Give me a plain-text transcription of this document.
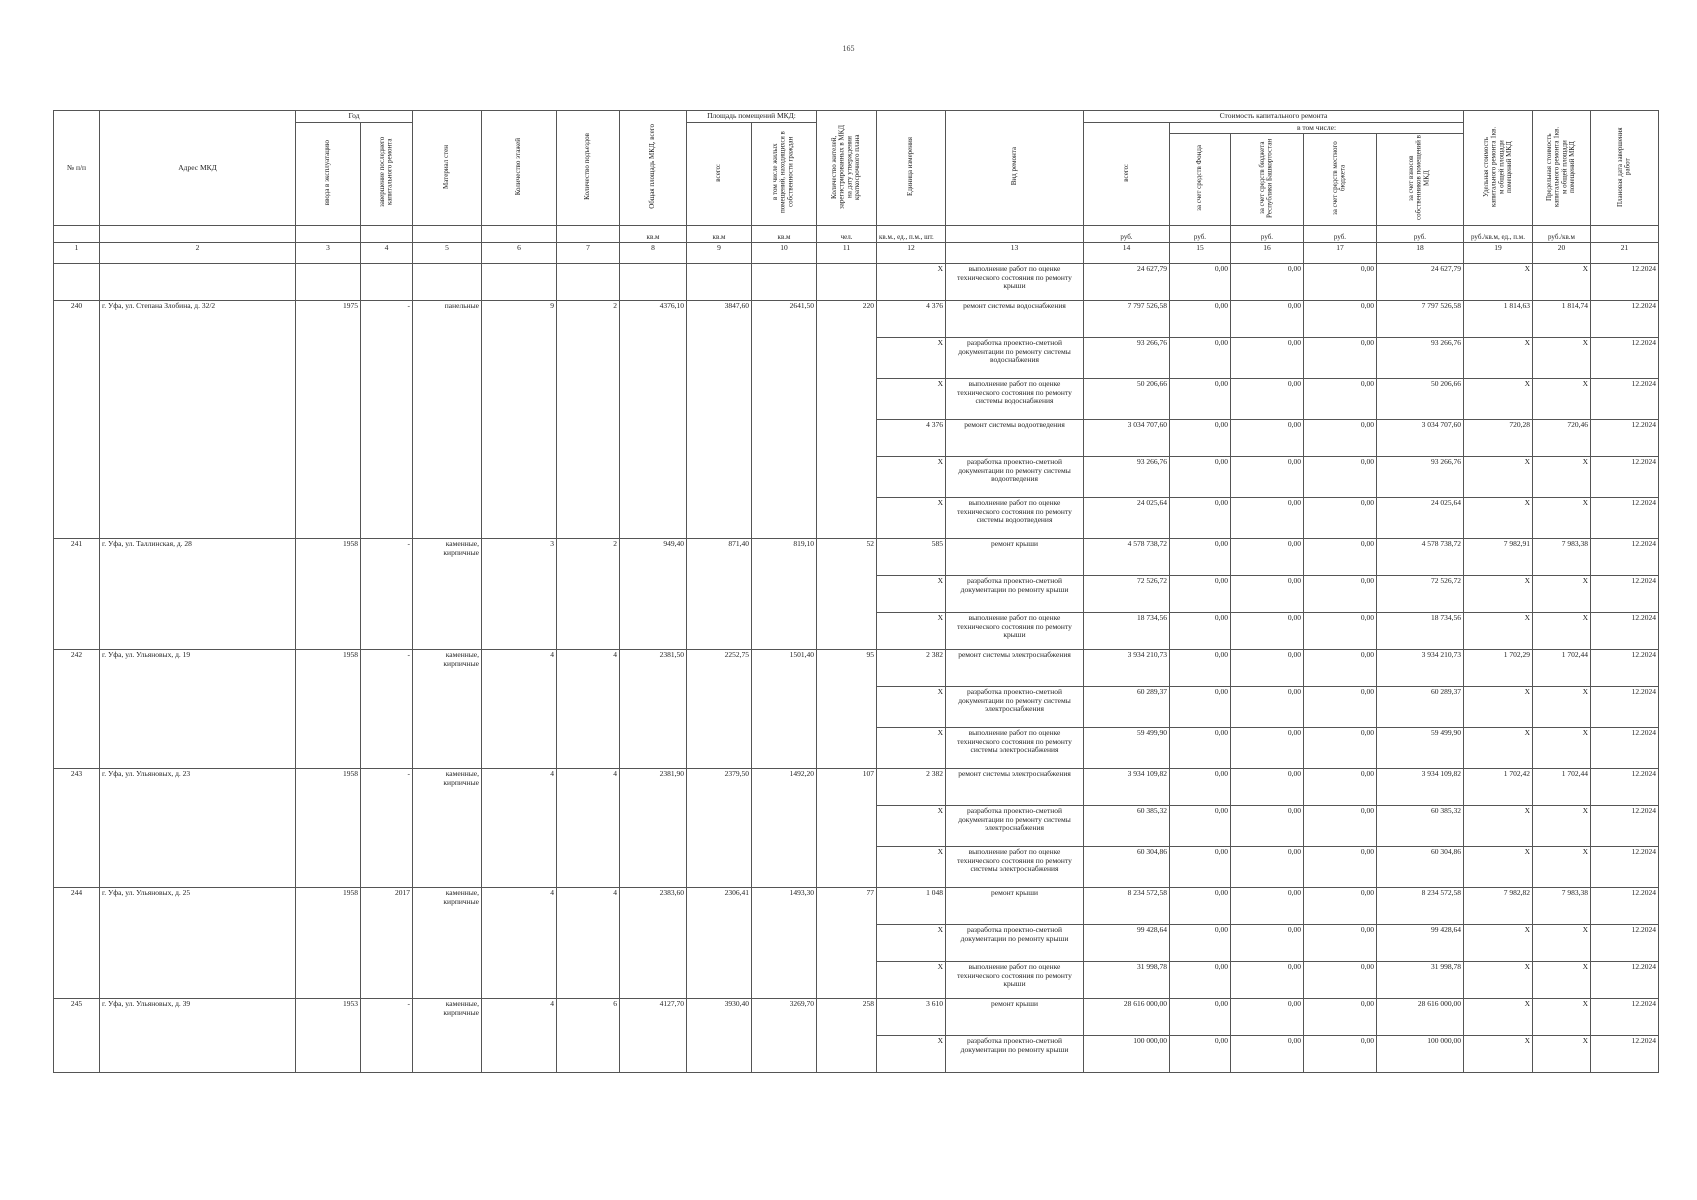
165
№ п/п	Адрес МКД	Год		Материал стен	Количество этажей	Количество подъездов	Общая площадь МКД, всего	Площадь помещений МКД:		Количество жителей, зарегистрированных в МКД на дату утверждения краткосрочного плана	Единица измерения	Вид ремонта	Стоимость капитального ремонта					Удельная стоимость капитального ремонта 1кв. м общей площади помещений МКД	Предельная стоимость капитального ремонта 1кв. м общей площади помещений МКД	Плановая дата завершения работ
		ввода в эксплуатацию	завершение последнего капитального ремонта					всего:	в том числе жилых помещений, находящихся в собственности граждан				всего:	в том числе:						
														за счет средств Фонда	за счет средств бюджета Республики Башкортостан	за счет средств местного бюджета	за счет взносов собственников помещений в МКД			
							кв.м	кв.м	кв.м	чел.	кв.м., ед., п.м., шт.		руб.	руб.	руб.	руб.	руб.	руб./кв.м, ед., п.м.	руб./кв.м	
1	2	3	4	5	6	7	8	9	10	11	12	13	14	15	16	17	18	19	20	21
											X	выполнение работ по оценке технического состояния по ремонту крыши	24 627,79	0,00	0,00	0,00	24 627,79	X	X	12.2024
240	г. Уфа, ул. Степана Злобина, д. 32/2	1975	-	панельные	9	2	4376,10	3847,60	2641,50	220	4 376	ремонт системы водоснабжения	7 797 526,58	0,00	0,00	0,00	7 797 526,58	1 814,63	1 814,74	12.2024
											X	разработка проектно-сметной документации по ремонту системы водоснабжения	93 266,76	0,00	0,00	0,00	93 266,76	X	X	12.2024
											X	выполнение работ по оценке технического состояния по ремонту системы водоснабжения	50 206,66	0,00	0,00	0,00	50 206,66	X	X	12.2024
											4 376	ремонт системы водоотведения	3 034 707,60	0,00	0,00	0,00	3 034 707,60	720,28	720,46	12.2024
											X	разработка проектно-сметной документации по ремонту системы водоотведения	93 266,76	0,00	0,00	0,00	93 266,76	X	X	12.2024
											X	выполнение работ по оценке технического состояния по ремонту системы водоотведения	24 025,64	0,00	0,00	0,00	24 025,64	X	X	12.2024
241	г. Уфа, ул. Таллинская, д. 28	1958	-	каменные, кирпичные	3	2	949,40	871,40	819,10	52	585	ремонт крыши	4 578 738,72	0,00	0,00	0,00	4 578 738,72	7 982,91	7 983,38	12.2024
											X	разработка проектно-сметной документации по ремонту крыши	72 526,72	0,00	0,00	0,00	72 526,72	X	X	12.2024
											X	выполнение работ по оценке технического состояния по ремонту крыши	18 734,56	0,00	0,00	0,00	18 734,56	X	X	12.2024
242	г. Уфа, ул. Ульяновых, д. 19	1958	-	каменные, кирпичные	4	4	2381,50	2252,75	1501,40	95	2 382	ремонт системы электроснабжения	3 934 210,73	0,00	0,00	0,00	3 934 210,73	1 702,29	1 702,44	12.2024
											X	разработка проектно-сметной документации по ремонту системы электроснабжения	60 289,37	0,00	0,00	0,00	60 289,37	X	X	12.2024
											X	выполнение работ по оценке технического состояния по ремонту системы электроснабжения	59 499,90	0,00	0,00	0,00	59 499,90	X	X	12.2024
243	г. Уфа, ул. Ульяновых, д. 23	1958	-	каменные, кирпичные	4	4	2381,90	2379,50	1492,20	107	2 382	ремонт системы электроснабжения	3 934 109,82	0,00	0,00	0,00	3 934 109,82	1 702,42	1 702,44	12.2024
											X	разработка проектно-сметной документации по ремонту системы электроснабжения	60 385,32	0,00	0,00	0,00	60 385,32	X	X	12.2024
											X	выполнение работ по оценке технического состояния по ремонту системы электроснабжения	60 304,86	0,00	0,00	0,00	60 304,86	X	X	12.2024
244	г. Уфа, ул. Ульяновых, д. 25	1958	2017	каменные, кирпичные	4	4	2383,60	2306,41	1493,30	77	1 048	ремонт крыши	8 234 572,58	0,00	0,00	0,00	8 234 572,58	7 982,82	7 983,38	12.2024
											X	разработка проектно-сметной документации по ремонту крыши	99 428,64	0,00	0,00	0,00	99 428,64	X	X	12.2024
											X	выполнение работ по оценке технического состояния по ремонту крыши	31 998,78	0,00	0,00	0,00	31 998,78	X	X	12.2024
245	г. Уфа, ул. Ульяновых, д. 39	1953	-	каменные, кирпичные	4	6	4127,70	3930,40	3269,70	258	3 610	ремонт крыши	28 616 000,00	0,00	0,00	0,00	28 616 000,00	X	X	12.2024
											X	разработка проектно-сметной документации по ремонту крыши	100 000,00	0,00	0,00	0,00	100 000,00	X	X	12.2024
